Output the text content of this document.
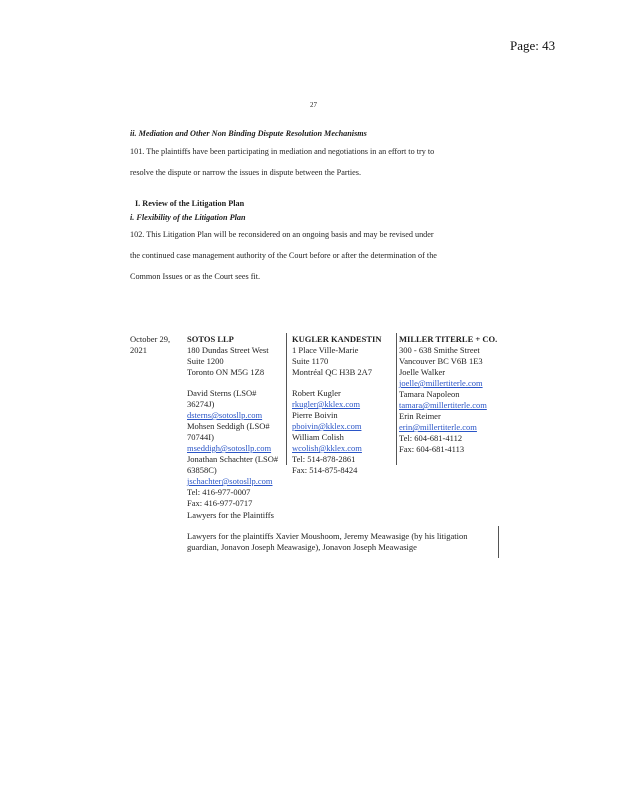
Page: 43
27
ii. Mediation and Other Non Binding Dispute Resolution Mechanisms
101. The plaintiffs have been participating in mediation and negotiations in an effort to try to
resolve the dispute or narrow the issues in dispute between the Parties.
I. Review of the Litigation Plan
i. Flexibility of the Litigation Plan
102. This Litigation Plan will be reconsidered on an ongoing basis and may be revised under
the continued case management authority of the Court before or after the determination of the
Common Issues or as the Court sees fit.
October 29,
2021
SOTOS LLP
180 Dundas Street West
Suite 1200
Toronto ON M5G 1Z8
David Sterns (LSO#
36274J)
dsterns@sotosllp.com
Mohsen Seddigh (LSO#
70744I)
mseddigh@sotosllp.com
Jonathan Schachter (LSO#
63858C)
jschachter@sotosllp.com
Tel: 416-977-0007
Fax: 416-977-0717
KUGLER KANDESTIN
1 Place Ville-Marie
Suite 1170
Montréal QC H3B 2A7
Robert Kugler
rkugler@kklex.com
Pierre Boivin
pboivin@kklex.com
William Colish
wcolish@kklex.com
Tel: 514-878-2861
Fax: 514-875-8424
MILLER TITERLE + CO.
300 - 638 Smithe Street
Vancouver BC V6B 1E3
Joelle Walker
joelle@millertiterle.com
Tamara Napoleon
tamara@millertiterle.com
Erin Reimer
erin@millertiterle.com
Tel: 604-681-4112
Fax: 604-681-4113
Lawyers for the Plaintiffs
Lawyers for the plaintiffs Xavier Moushoom, Jeremy Meawasige (by his litigation
guardian, Jonavon Joseph Meawasige), Jonavon Joseph Meawasige
